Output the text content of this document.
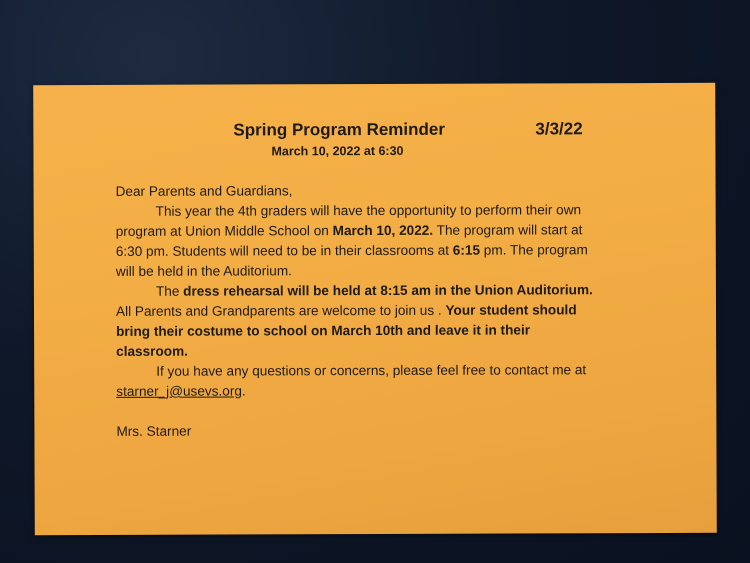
Spring Program Reminder	3/3/22
March 10, 2022 at 6:30
Dear Parents and Guardians,
This year the 4th graders will have the opportunity to perform their own
program at Union Middle School on March 10, 2022. The program will start at
6:30 pm. Students will need to be in their classrooms at 6:15 pm. The program
will be held in the Auditorium.
The dress rehearsal will be held at 8:15 am in the Union Auditorium.
All Parents and Grandparents are welcome to join us . Your student should
bring their costume to school on March 10th and leave it in their
classroom.
If you have any questions or concerns, please feel free to contact me at
starner_j@usevs.org.
Mrs. Starner
